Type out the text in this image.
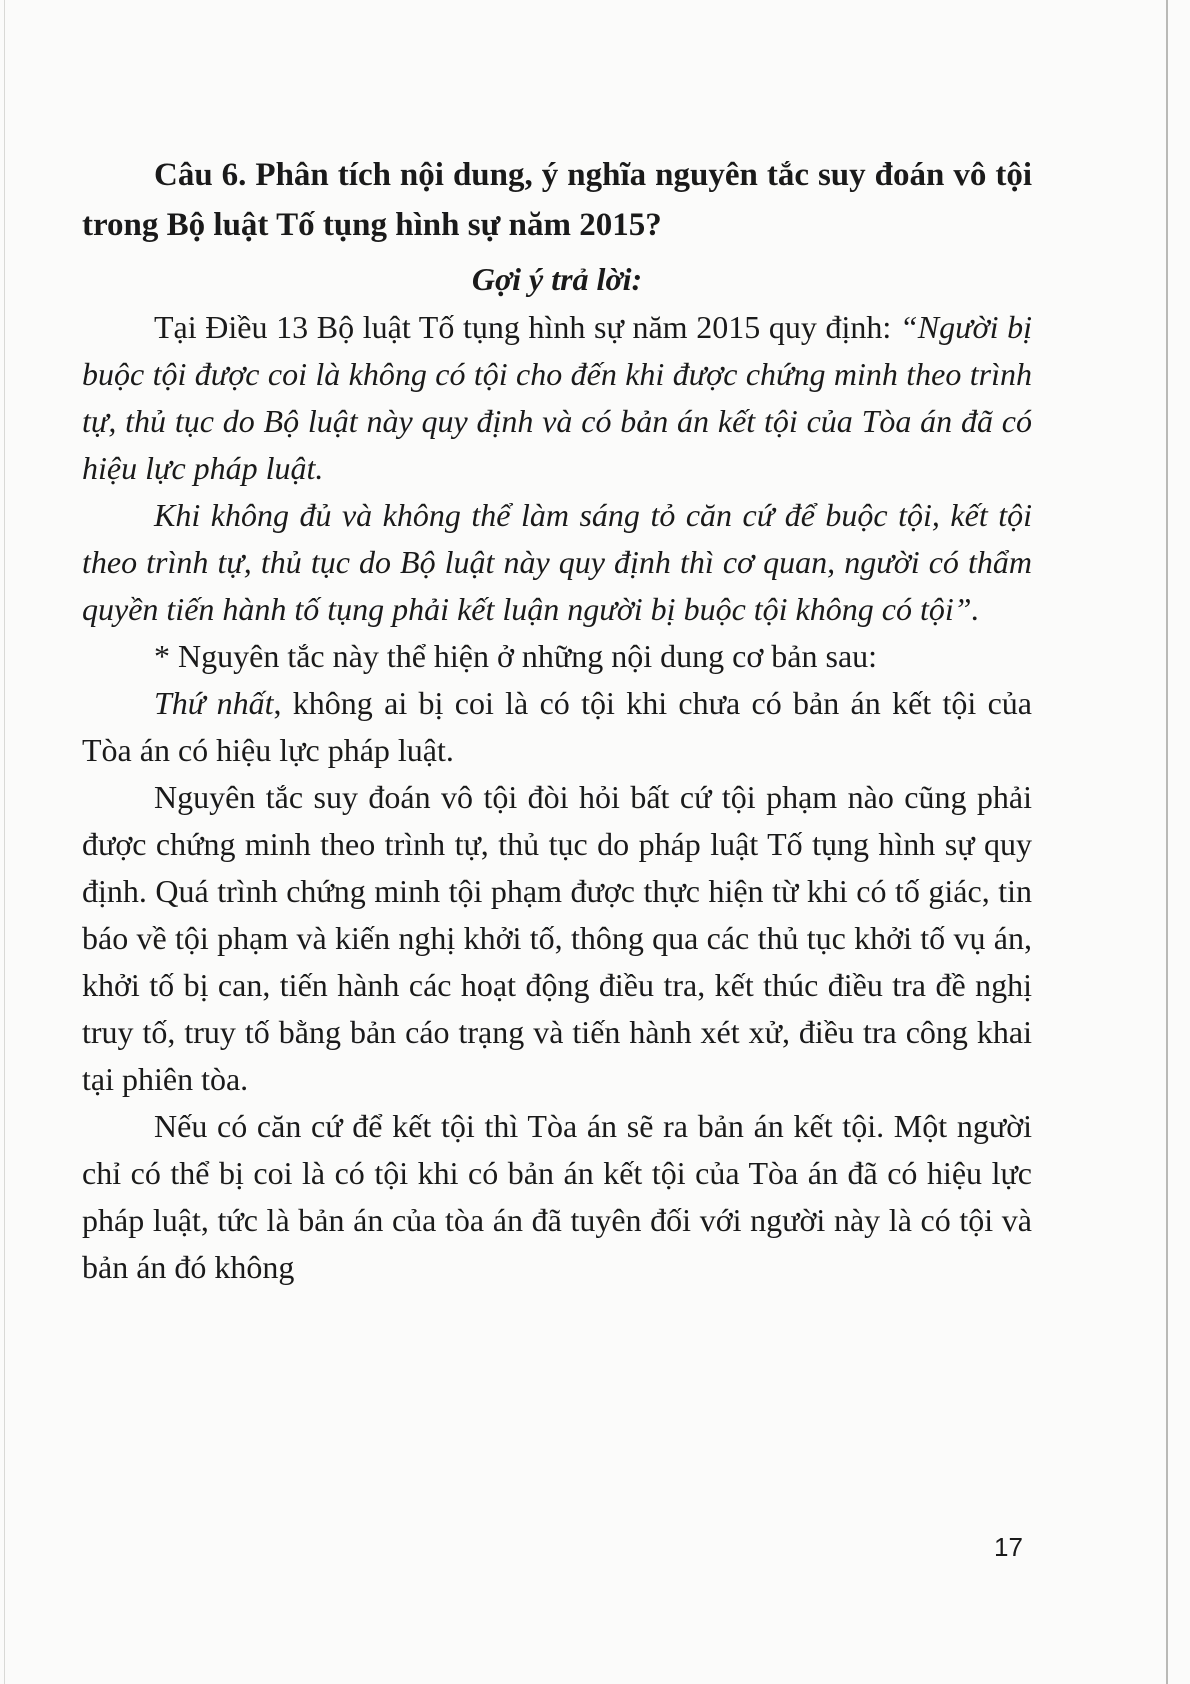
Câu 6. Phân tích nội dung, ý nghĩa nguyên tắc suy đoán vô tội trong Bộ luật Tố tụng hình sự năm 2015?
Gợi ý trả lời:

Tại Điều 13 Bộ luật Tố tụng hình sự năm 2015 quy định: “Người bị buộc tội được coi là không có tội cho đến khi được chứng minh theo trình tự, thủ tục do Bộ luật này quy định và có bản án kết tội của Tòa án đã có hiệu lực pháp luật.

Khi không đủ và không thể làm sáng tỏ căn cứ để buộc tội, kết tội theo trình tự, thủ tục do Bộ luật này quy định thì cơ quan, người có thẩm quyền tiến hành tố tụng phải kết luận người bị buộc tội không có tội”.

* Nguyên tắc này thể hiện ở những nội dung cơ bản sau:

Thứ nhất, không ai bị coi là có tội khi chưa có bản án kết tội của Tòa án có hiệu lực pháp luật.

Nguyên tắc suy đoán vô tội đòi hỏi bất cứ tội phạm nào cũng phải được chứng minh theo trình tự, thủ tục do pháp luật Tố tụng hình sự quy định. Quá trình chứng minh tội phạm được thực hiện từ khi có tố giác, tin báo về tội phạm và kiến nghị khởi tố, thông qua các thủ tục khởi tố vụ án, khởi tố bị can, tiến hành các hoạt động điều tra, kết thúc điều tra đề nghị truy tố, truy tố bằng bản cáo trạng và tiến hành xét xử, điều tra công khai tại phiên tòa.

Nếu có căn cứ để kết tội thì Tòa án sẽ ra bản án kết tội. Một người chỉ có thể bị coi là có tội khi có bản án kết tội của Tòa án đã có hiệu lực pháp luật, tức là bản án của tòa án đã tuyên đối với người này là có tội và bản án đó không

17
